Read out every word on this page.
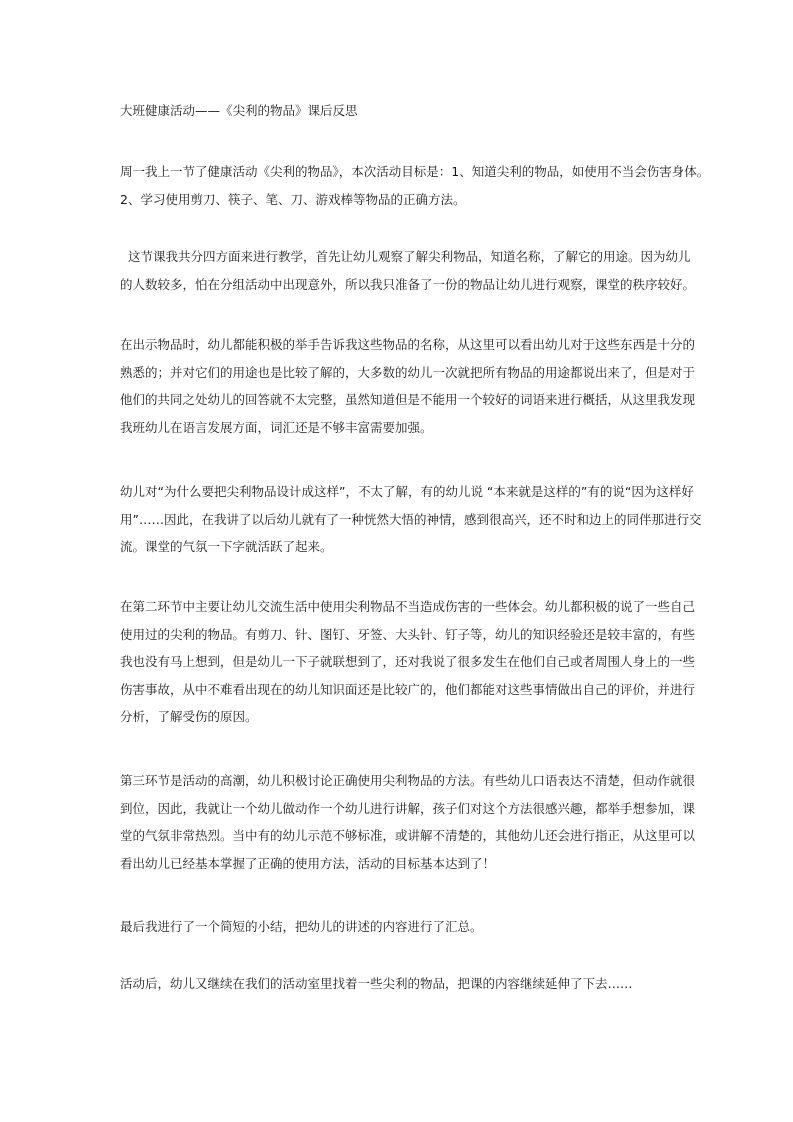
大班健康活动——《尖利的物品》课后反思

周一我上一节了健康活动《尖利的物品》，本次活动目标是：1、知道尖利的物品，如使用不当会伤害身体。
2、学习使用剪刀、筷子、笔、刀、游戏棒等物品的正确方法。

这节课我共分四方面来进行教学，首先让幼儿观察了解尖利物品，知道名称，了解它的用途。因为幼儿
的人数较多，怕在分组活动中出现意外，所以我只准备了一份的物品让幼儿进行观察，课堂的秩序较好。

在出示物品时，幼儿都能积极的举手告诉我这些物品的名称，从这里可以看出幼儿对于这些东西是十分的
熟悉的；并对它们的用途也是比较了解的，大多数的幼儿一次就把所有物品的用途都说出来了，但是对于
他们的共同之处幼儿的回答就不太完整，虽然知道但是不能用一个较好的词语来进行概括，从这里我发现
我班幼儿在语言发展方面，词汇还是不够丰富需要加强。

幼儿对“为什么要把尖利物品设计成这样”，不太了解，有的幼儿说 “本来就是这样的”有的说“因为这样好
用”……因此，在我讲了以后幼儿就有了一种恍然大悟的神情，感到很高兴，还不时和边上的同伴那进行交
流。课堂的气氛一下字就活跃了起来。

在第二环节中主要让幼儿交流生活中使用尖利物品不当造成伤害的一些体会。幼儿都积极的说了一些自己
使用过的尖利的物品。有剪刀、针、图钉、牙签、大头针、钉子等，幼儿的知识经验还是较丰富的，有些
我也没有马上想到，但是幼儿一下子就联想到了，还对我说了很多发生在他们自己或者周围人身上的一些
伤害事故，从中不难看出现在的幼儿知识面还是比较广的，他们都能对这些事情做出自己的评价，并进行
分析，了解受伤的原因。

第三环节是活动的高潮，幼儿积极讨论正确使用尖利物品的方法。有些幼儿口语表达不清楚，但动作就很
到位，因此，我就让一个幼儿做动作一个幼儿进行讲解，孩子们对这个方法很感兴趣，都举手想参加，课
堂的气氛非常热烈。当中有的幼儿示范不够标准，或讲解不清楚的，其他幼儿还会进行指正，从这里可以
看出幼儿已经基本掌握了正确的使用方法，活动的目标基本达到了！

最后我进行了一个简短的小结，把幼儿的讲述的内容进行了汇总。

活动后，幼儿又继续在我们的活动室里找着一些尖利的物品，把课的内容继续延伸了下去……
